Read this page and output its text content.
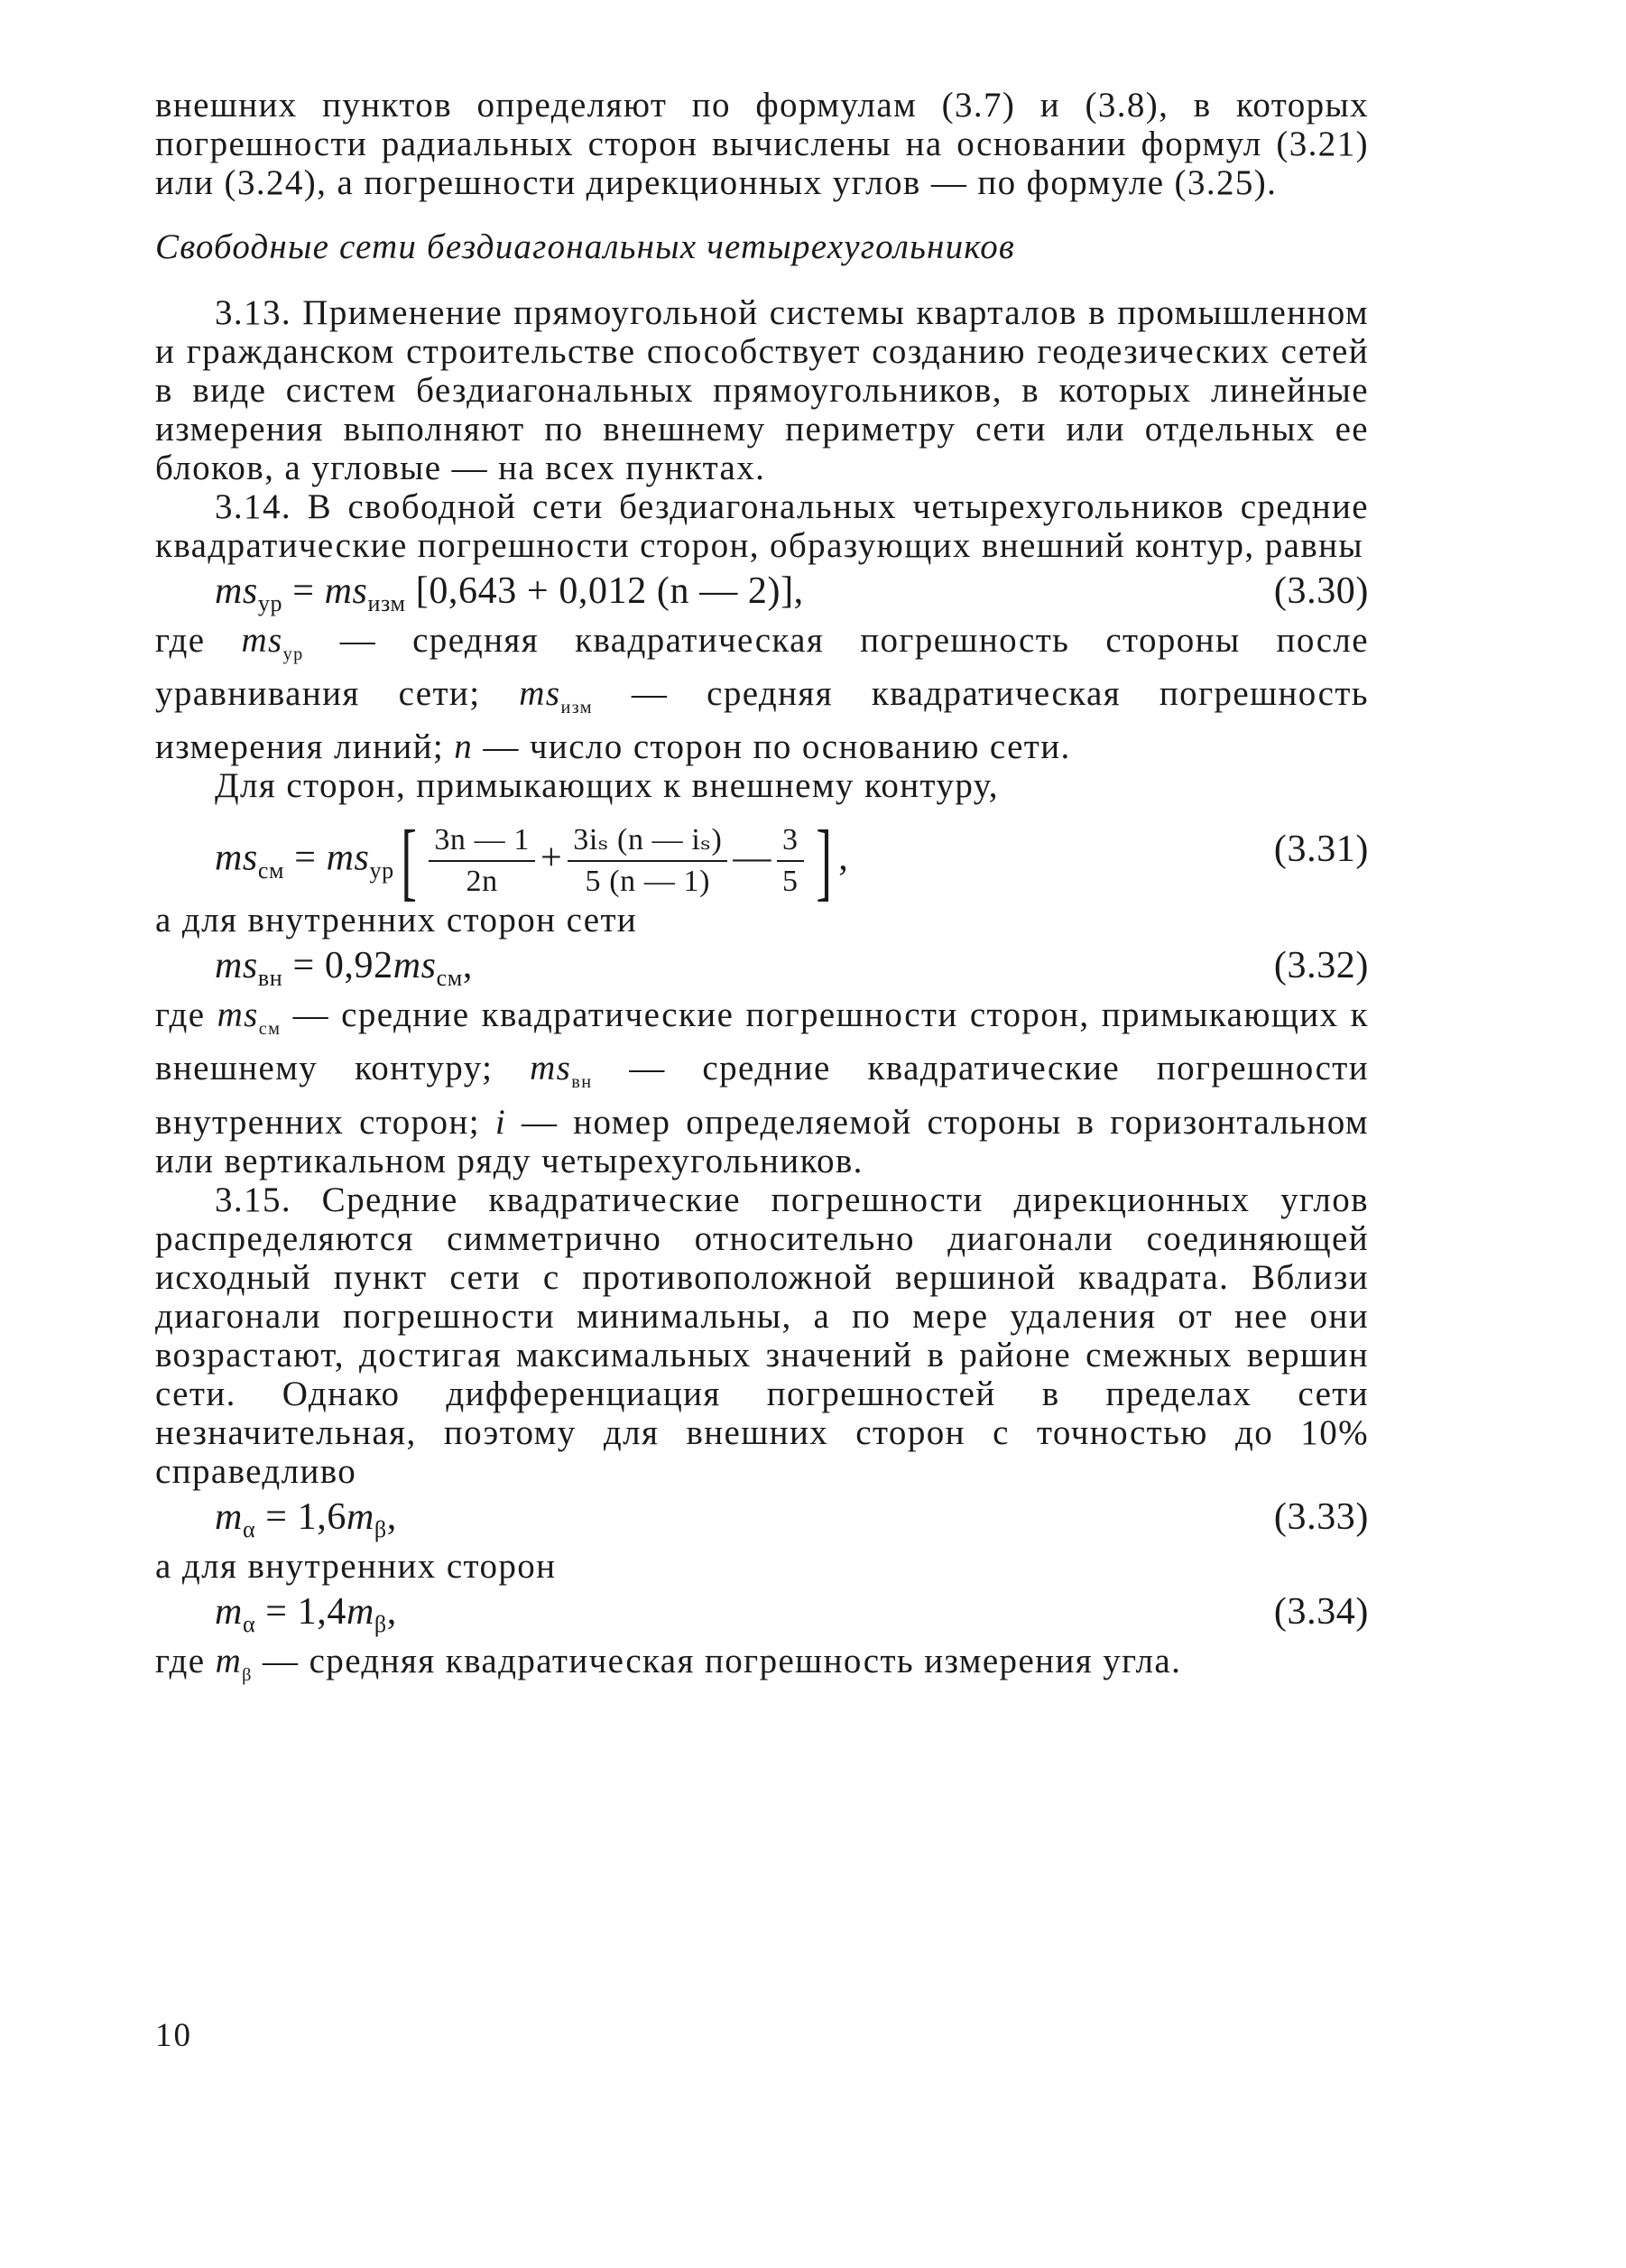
внешних пунктов определяют по формулам (3.7) и (3.8), в которых погрешности радиальных сторон вычислены на основании формул (3.21) или (3.24), а погрешности дирекционных углов — по формуле (3.25).

Свободные сети бездиагональных четырехугольников

3.13. Применение прямоугольной системы кварталов в промышленном и гражданском строительстве способствует созданию геодезических сетей в виде систем бездиагональных прямоугольников, в которых линейные измерения выполняют по внешнему периметру сети или отдельных ее блоков, а угловые — на всех пунктах.

3.14. В свободной сети бездиагональных четырехугольников средние квадратические погрешности сторон, образующих внешний контур, равны

$ms_{ур} = ms_{изм}$ [0,643 + 0,012 (n — 2)],	(3.30)

где $ms_{ур}$ — средняя квадратическая погрешность стороны после уравнивания сети; $ms_{изм}$ — средняя квадратическая погрешность измерения линий; n — число сторон по основанию сети.

Для сторон, примыкающих к внешнему контуру,

$ms_{см} = ms_{ур}[ \frac{3n — 1}{2n} + \frac{\text{3iₛ (n — iₛ)}}{5 (n — 1)}$ — $\frac{3}{5}$ ] ,	(3.31)

а для внутренних сторон сети

$ms_{вн} = 0,92ms_{см}$,	(3.32)

где $ms_{см}$ — средние квадратические погрешности сторон, примыкающих к внешнему контуру; $ms_{вн}$ — средние квадратические погрешности внутренних сторон; i — номер определяемой стороны в горизонтальном или вертикальном ряду четырехугольников.

3.15. Средние квадратические погрешности дирекционных углов распределяются симметрично относительно диагонали соединяющей исходный пункт сети с противоположной вершиной квадрата. Вблизи диагонали погрешности минимальны, а по мере удаления от нее они возрастают, достигая максимальных значений в районе смежных вершин сети. Однако дифференциация погрешностей в пределах сети незначительная, поэтому для внешних сторон с точностью до 10% справедливо

$m_\alpha = 1,6m_\beta$,	(3.33)

а для внутренних сторон

$m_\alpha = 1,4m_\beta$,	(3.34)

где $m_\beta$ — средняя квадратическая погрешность измерения угла.

10
